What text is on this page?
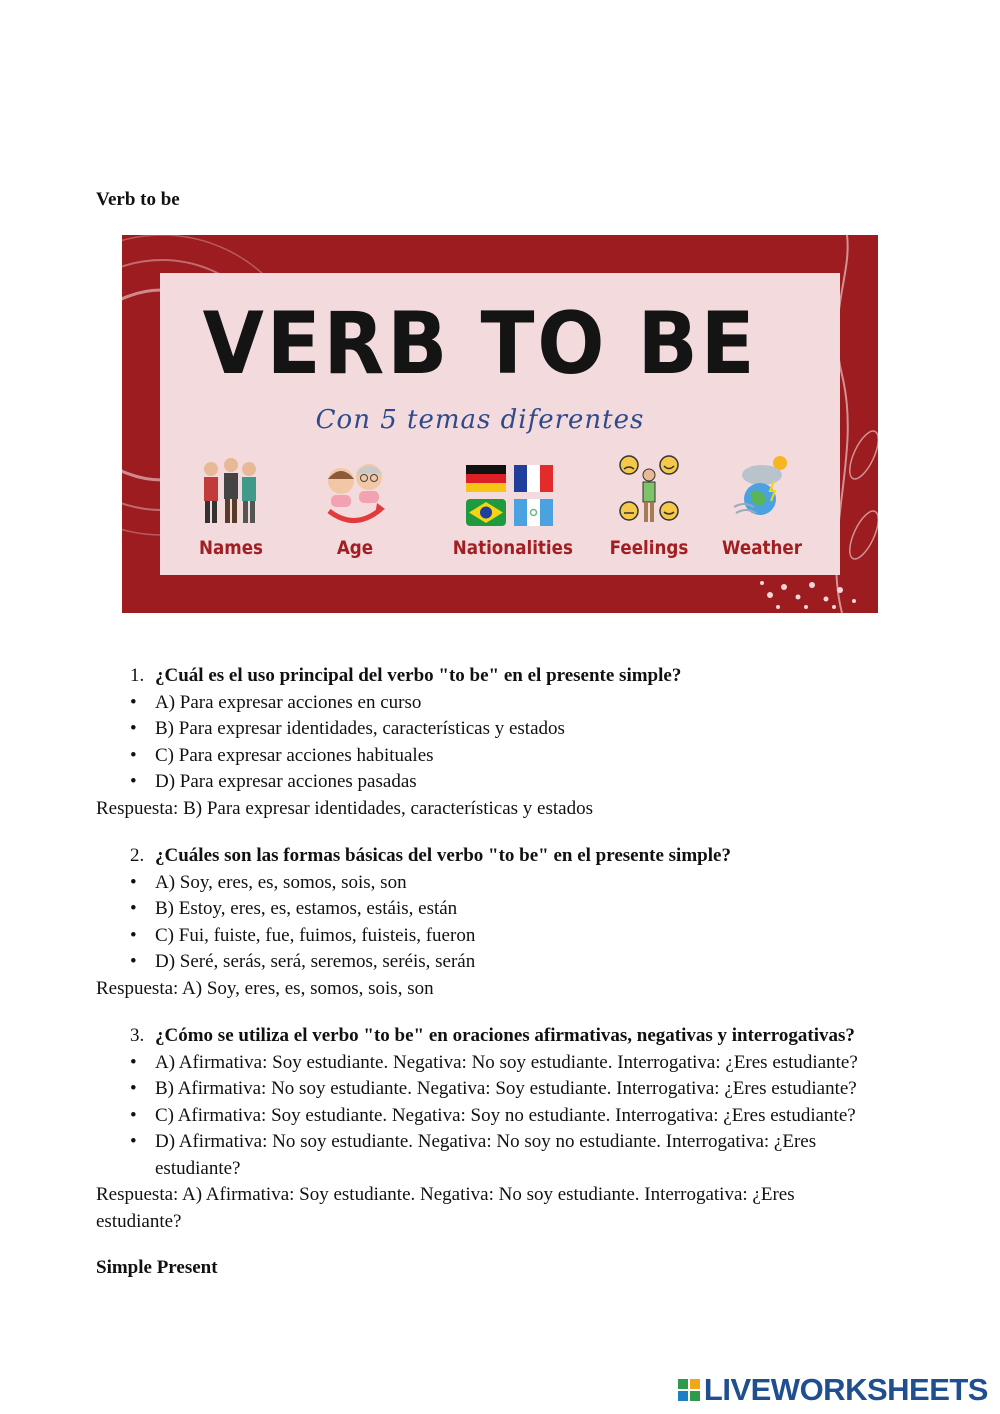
Verb to be
VERB TO BE
Con 5 temas diferentes
Names	Age	Nationalities	Feelings	Weather
1. ¿Cuál es el uso principal del verbo "to be" en el presente simple?
• A) Para expresar acciones en curso
• B) Para expresar identidades, características y estados
• C) Para expresar acciones habituales
• D) Para expresar acciones pasadas
Respuesta: B) Para expresar identidades, características y estados
2. ¿Cuáles son las formas básicas del verbo "to be" en el presente simple?
• A) Soy, eres, es, somos, sois, son
• B) Estoy, eres, es, estamos, estáis, están
• C) Fui, fuiste, fue, fuimos, fuisteis, fueron
• D) Seré, serás, será, seremos, seréis, serán
Respuesta: A) Soy, eres, es, somos, sois, son
3. ¿Cómo se utiliza el verbo "to be" en oraciones afirmativas, negativas y interrogativas?
• A) Afirmativa: Soy estudiante. Negativa: No soy estudiante. Interrogativa: ¿Eres estudiante?
• B) Afirmativa: No soy estudiante. Negativa: Soy estudiante. Interrogativa: ¿Eres estudiante?
• C) Afirmativa: Soy estudiante. Negativa: Soy no estudiante. Interrogativa: ¿Eres estudiante?
• D) Afirmativa: No soy estudiante. Negativa: No soy no estudiante. Interrogativa: ¿Eres estudiante?
Respuesta: A) Afirmativa: Soy estudiante. Negativa: No soy estudiante. Interrogativa: ¿Eres estudiante?
Simple Present
LIVEWORKSHEETS
